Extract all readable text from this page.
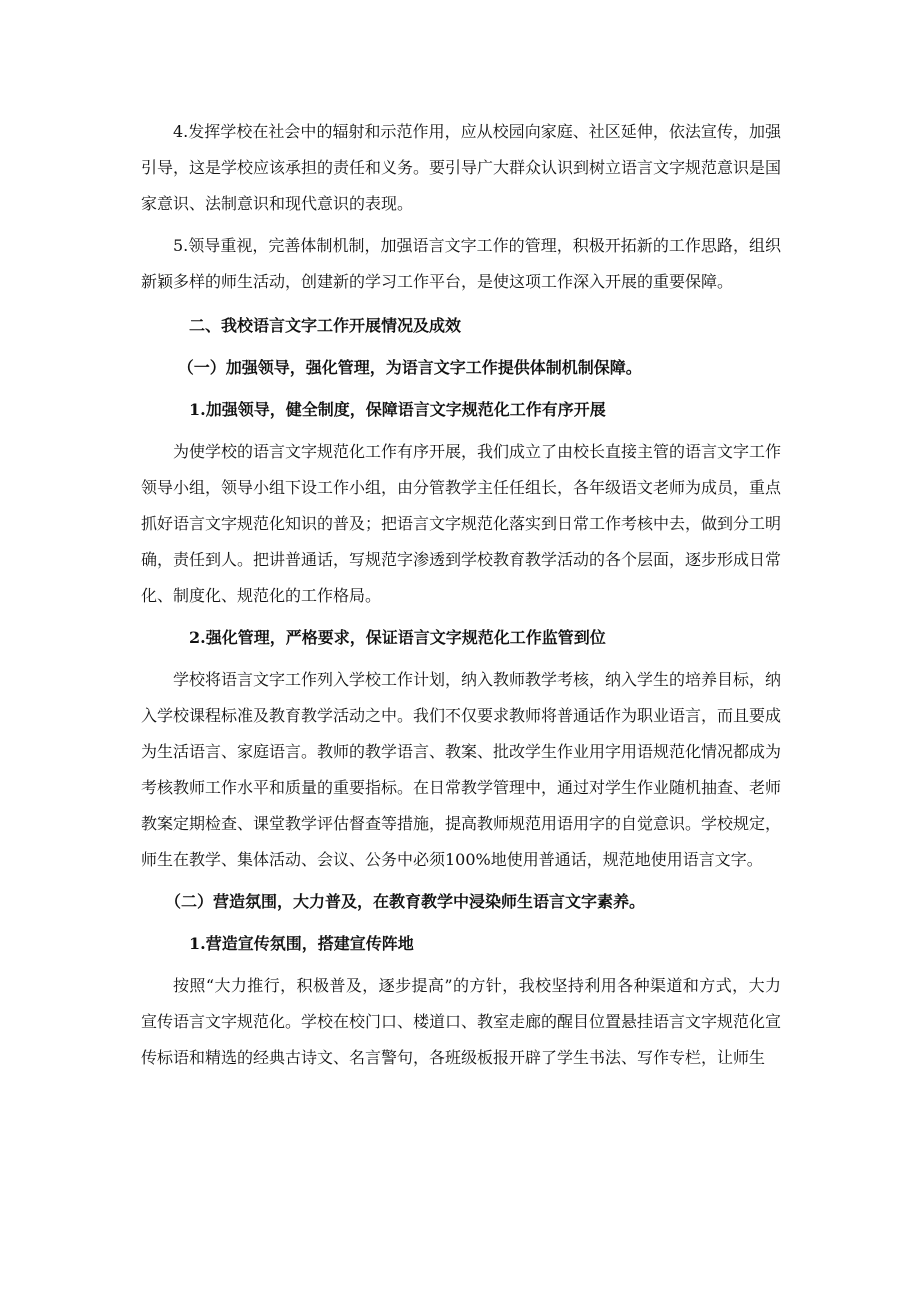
4.发挥学校在社会中的辐射和示范作用，应从校园向家庭、社区延伸，依法宣传，加强引导，这是学校应该承担的责任和义务。要引导广大群众认识到树立语言文字规范意识是国家意识、法制意识和现代意识的表现。

5.领导重视，完善体制机制，加强语言文字工作的管理，积极开拓新的工作思路，组织新颖多样的师生活动，创建新的学习工作平台，是使这项工作深入开展的重要保障。

二、我校语言文字工作开展情况及成效
（一）加强领导，强化管理，为语言文字工作提供体制机制保障。
1.加强领导，健全制度，保障语言文字规范化工作有序开展

为使学校的语言文字规范化工作有序开展，我们成立了由校长直接主管的语言文字工作领导小组，领导小组下设工作小组，由分管教学主任任组长，各年级语文老师为成员，重点抓好语言文字规范化知识的普及；把语言文字规范化落实到日常工作考核中去，做到分工明确，责任到人。把讲普通话，写规范字渗透到学校教育教学活动的各个层面，逐步形成日常化、制度化、规范化的工作格局。

2.强化管理，严格要求，保证语言文字规范化工作监管到位

学校将语言文字工作列入学校工作计划，纳入教师教学考核，纳入学生的培养目标，纳入学校课程标准及教育教学活动之中。我们不仅要求教师将普通话作为职业语言，而且要成为生活语言、家庭语言。教师的教学语言、教案、批改学生作业用字用语规范化情况都成为考核教师工作水平和质量的重要指标。在日常教学管理中，通过对学生作业随机抽查、老师教案定期检查、课堂教学评估督查等措施，提高教师规范用语用字的自觉意识。学校规定，师生在教学、集体活动、会议、公务中必须100%地使用普通话，规范地使用语言文字。

（二）营造氛围，大力普及，在教育教学中浸染师生语言文字素养。
1.营造宣传氛围，搭建宣传阵地

按照“大力推行，积极普及，逐步提高”的方针，我校坚持利用各种渠道和方式，大力宣传语言文字规范化。学校在校门口、楼道口、教室走廊的醒目位置悬挂语言文字规范化宣传标语和精选的经典古诗文、名言警句，各班级板报开辟了学生书法、写作专栏，让师生
